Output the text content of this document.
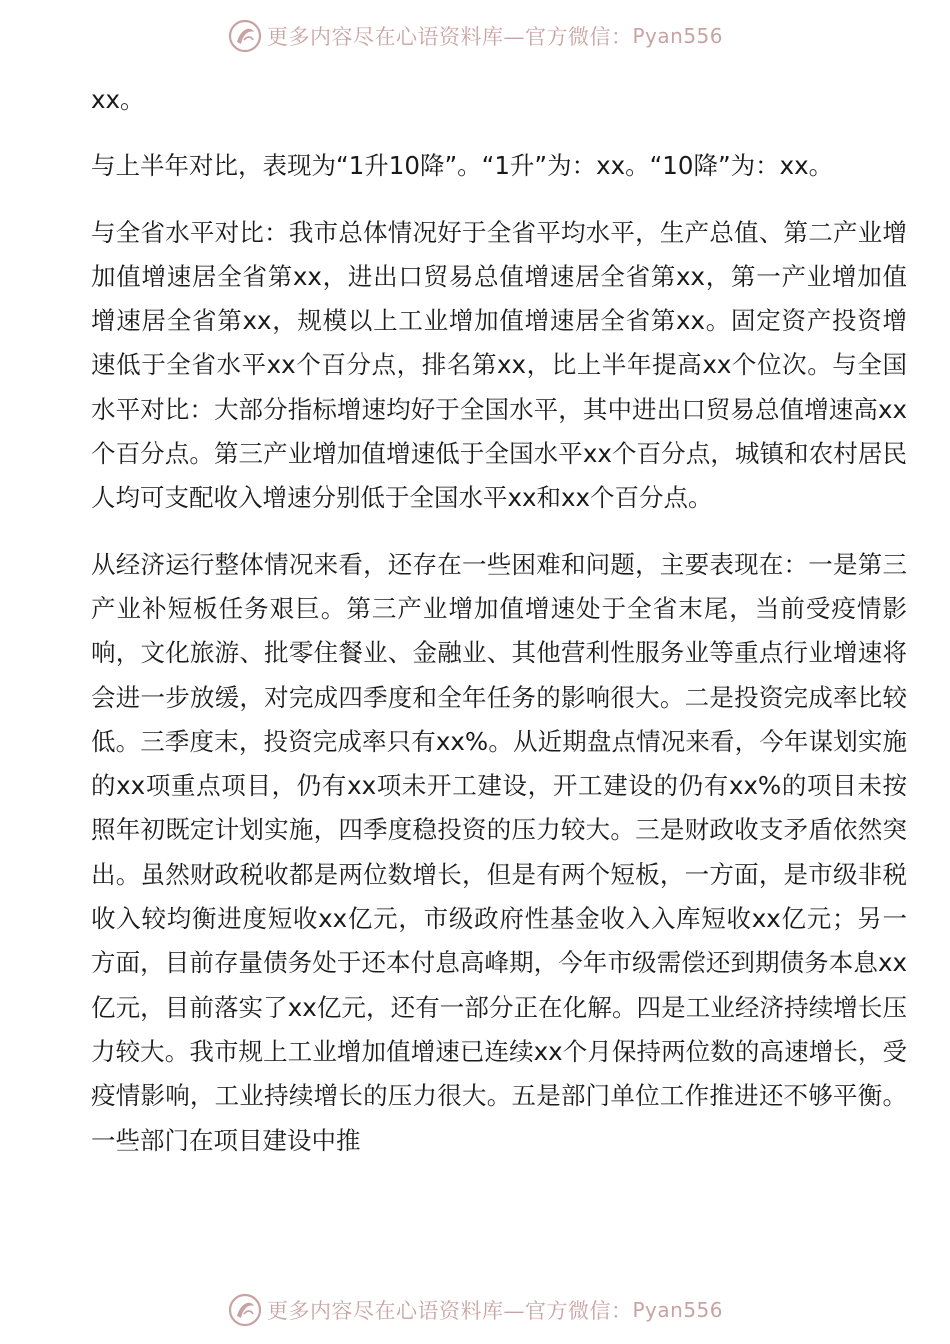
更多内容尽在心语资料库—官方微信： Pyan556

xx。

与上半年对比，表现为“1升10降”。“1升”为：xx。“10降”为：xx。

与全省水平对比：我市总体情况好于全省平均水平，生产总值、第二产业增加值增速居全省第xx，进出口贸易总值增速居全省第xx，第一产业增加值增速居全省第xx，规模以上工业增加值增速居全省第xx。固定资产投资增速低于全省水平xx个百分点，排名第xx，比上半年提高xx个位次。与全国水平对比：大部分指标增速均好于全国水平，其中进出口贸易总值增速高xx个百分点。第三产业增加值增速低于全国水平xx个百分点，城镇和农村居民人均可支配收入增速分别低于全国水平xx和xx个百分点。

从经济运行整体情况来看，还存在一些困难和问题，主要表现在：一是第三产业补短板任务艰巨。第三产业增加值增速处于全省末尾，当前受疫情影响，文化旅游、批零住餐业、金融业、其他营利性服务业等重点行业增速将会进一步放缓，对完成四季度和全年任务的影响很大。二是投资完成率比较低。三季度末，投资完成率只有xx%。从近期盘点情况来看，今年谋划实施的xx项重点项目，仍有xx项未开工建设，开工建设的仍有xx%的项目未按照年初既定计划实施，四季度稳投资的压力较大。三是财政收支矛盾依然突出。虽然财政税收都是两位数增长，但是有两个短板，一方面，是市级非税收入较均衡进度短收xx亿元，市级政府性基金收入入库短收xx亿元；另一方面，目前存量债务处于还本付息高峰期，今年市级需偿还到期债务本息xx亿元，目前落实了xx亿元，还有一部分正在化解。四是工业经济持续增长压力较大。我市规上工业增加值增速已连续xx个月保持两位数的高速增长，受疫情影响，工业持续增长的压力很大。五是部门单位工作推进还不够平衡。一些部门在项目建设中推

更多内容尽在心语资料库—官方微信： Pyan556
